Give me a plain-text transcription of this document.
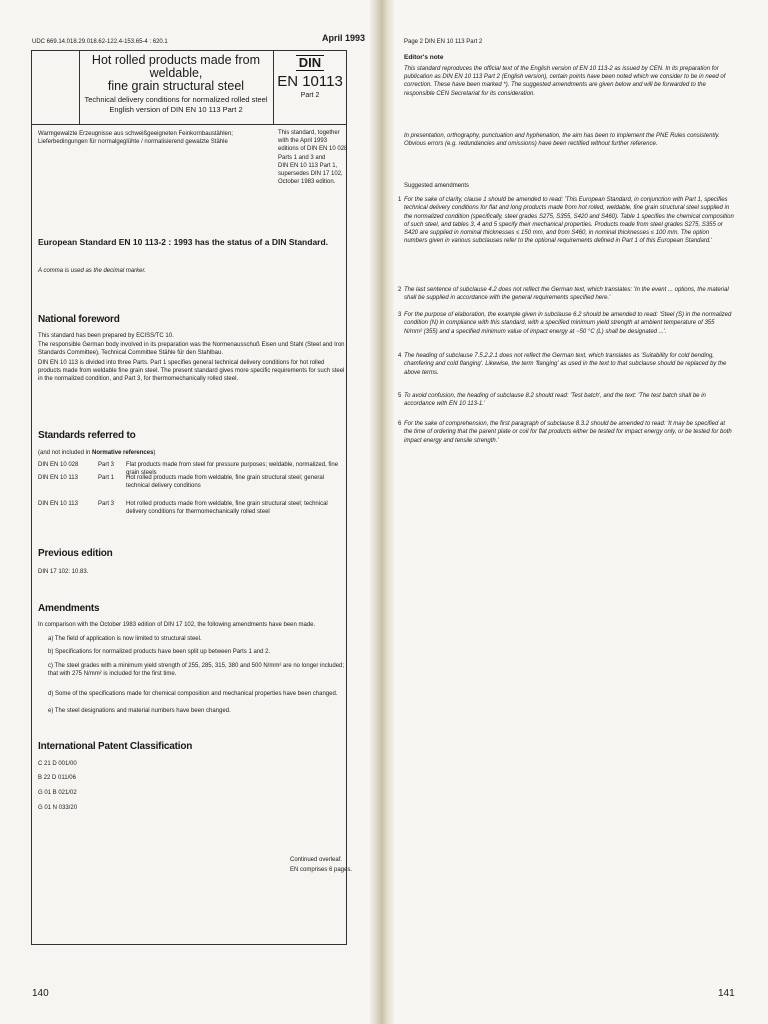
UDC 669.14.018.29.018.62-122.4-153.65-4 : 620.1	April 1993
Hot rolled products made from weldable,
fine grain structural steel
Technical delivery conditions for normalized rolled steel
English version of DIN EN 10 113 Part 2
DIN
EN 10113
Part 2
Warmgewalzte Erzeugnisse aus schweißgeeigneten Feinkornbaustählen;
Lieferbedingungen für normalgeglühte / normalisierend gewalzte Stähle
This standard, together
with the April 1993
editions of DIN EN 10 028
Parts 1 and 3 and
DIN EN 10 113 Part 1,
supersedes DIN 17 102,
October 1983 edition.
European Standard EN 10 113-2 : 1993 has the status of a DIN Standard.
A comma is used as the decimal marker.
National foreword
This standard has been prepared by ECISS/TC 10.
The responsible German body involved in its preparation was the Normenausschuß Eisen und Stahl (Steel and Iron Standards Committee), Technical Committee Stähle für den Stahlbau.
DIN EN 10 113 is divided into three Parts. Part 1 specifies general technical delivery conditions for hot rolled products made from weldable fine grain steel. The present standard gives more specific requirements for such steel in the normalized condition, and Part 3, for thermomechanically rolled steel.
Standards referred to
(and not included in Normative references)
DIN EN 10 028	Part 3	Flat products made from steel for pressure purposes; weldable, normalized, fine grain steels
DIN EN 10 113	Part 1	Hot rolled products made from weldable, fine grain structural steel; general technical delivery conditions
DIN EN 10 113	Part 3	Hot rolled products made from weldable, fine grain structural steel; technical delivery conditions for thermomechanically rolled steel
Previous edition
DIN 17 102: 10.83.
Amendments
In comparison with the October 1983 edition of DIN 17 102, the following amendments have been made.
a) The field of application is now limited to structural steel.
b) Specifications for normalized products have been split up between Parts 1 and 2.
c) The steel grades with a minimum yield strength of 255, 285, 315, 380 and 500 N/mm² are no longer included; that with 275 N/mm² is included for the first time.
d) Some of the specifications made for chemical composition and mechanical properties have been changed.
e) The steel designations and material numbers have been changed.
International Patent Classification
C 21 D 001/00
B 22 D 011/06
G 01 B 021/02
G 01 N 033/20
Continued overleaf.
EN comprises 6 pages.
140
Page 2 DIN EN 10 113 Part 2
Editor's note
This standard reproduces the official text of the English version of EN 10 113-2 as issued by CEN. In its preparation for publication as DIN EN 10 113 Part 2 (English version), certain points have been noted which we consider to be in need of correction. These have been marked *). The suggested amendments are given below and will be forwarded to the responsible CEN Secretariat for its consideration.
In presentation, orthography, punctuation and hyphenation, the aim has been to implement the PNE Rules consistently. Obvious errors (e.g. redundancies and omissions) have been rectified without further reference.
Suggested amendments
1 For the sake of clarity, clause 1 should be amended to read: 'This European Standard, in conjunction with Part 1, specifies technical delivery conditions for flat and long products made from hot rolled, weldable, fine grain structural steel supplied in the normalized condition (specifically, steel grades S275, S355, S420 and S460). Table 1 specifies the chemical composition of such steel, and tables 3, 4 and 5 specify their mechanical properties. Products made from steel grades S275, S355 or S420 are supplied in nominal thicknesses ≤ 150 mm, and from S460, in nominal thicknesses ≤ 100 mm. The option numbers given in various subclauses refer to the optional requirements defined in Part 1 of this European Standard.'
2 The last sentence of subclause 4.2 does not reflect the German text, which translates: 'In the event ... options, the material shall be supplied in accordance with the general requirements specified here.'
3 For the purpose of elaboration, the example given in subclause 6.2 should be amended to read: 'Steel (S) in the normalized condition (N) in compliance with this standard, with a specified minimum yield strength at ambient temperature of 355 N/mm² (355) and a specified minimum value of impact energy at −50 °C (L) shall be designated ...'.
4 The heading of subclause 7.5.2.2.1 does not reflect the German text, which translates as 'Suitability for cold bending, chamfering and cold flanging'. Likewise, the term 'flanging' as used in the text to that subclause should be replaced by the above terms.
5 To avoid confusion, the heading of subclause 8.2 should read: 'Test batch', and the text: 'The test batch shall be in accordance with EN 10 113-1.'
6 For the sake of comprehension, the first paragraph of subclause 8.3.2 should be amended to read: 'It may be specified at the time of ordering that the parent plate or coil for flat products either be tested for impact energy only, or be tested for both impact energy and tensile strength.'
141
